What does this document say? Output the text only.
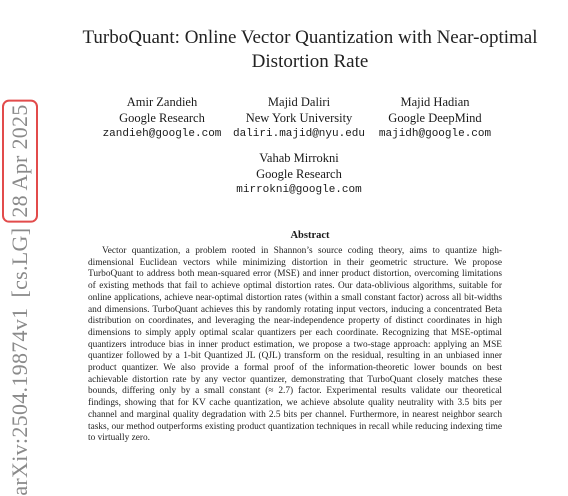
arXiv:2504.19874v1[cs.LG]28 Apr 2025
TurboQuant: Online Vector Quantization with Near-optimal
Distortion Rate
Amir Zandieh
Google Research
zandieh@google.com
Majid Daliri
New York University
daliri.majid@nyu.edu
Majid Hadian
Google DeepMind
majidh@google.com
Vahab Mirrokni
Google Research
mirrokni@google.com
Abstract
Vector quantization, a problem rooted in Shannon’s source coding theory, aims to quantize high-dimensional Euclidean vectors while minimizing distortion in their geometric structure. We propose TurboQuant to address both mean-squared error (MSE) and inner product distortion, overcoming limitations of existing methods that fail to achieve optimal distortion rates. Our data-oblivious algorithms, suitable for online applications, achieve near-optimal distortion rates (within a small constant factor) across all bit-widths and dimensions. TurboQuant achieves this by randomly rotating input vectors, inducing a concentrated Beta distribution on coordinates, and leveraging the near-independence property of distinct coordinates in high dimensions to simply apply optimal scalar quantizers per each coordinate. Recognizing that MSE-optimal quantizers introduce bias in inner product estimation, we propose a two-stage approach: applying an MSE quantizer followed by a 1-bit Quantized JL (QJL) transform on the residual, resulting in an unbiased inner product quantizer. We also provide a formal proof of the information-theoretic lower bounds on best achievable distortion rate by any vector quantizer, demonstrating that TurboQuant closely matches these bounds, differing only by a small constant (≈ 2.7) factor. Experimental results validate our theoretical findings, showing that for KV cache quantization, we achieve absolute quality neutrality with 3.5 bits per channel and marginal quality degradation with 2.5 bits per channel. Furthermore, in nearest neighbor search tasks, our method outperforms existing product quantization techniques in recall while reducing indexing time to virtually zero.
